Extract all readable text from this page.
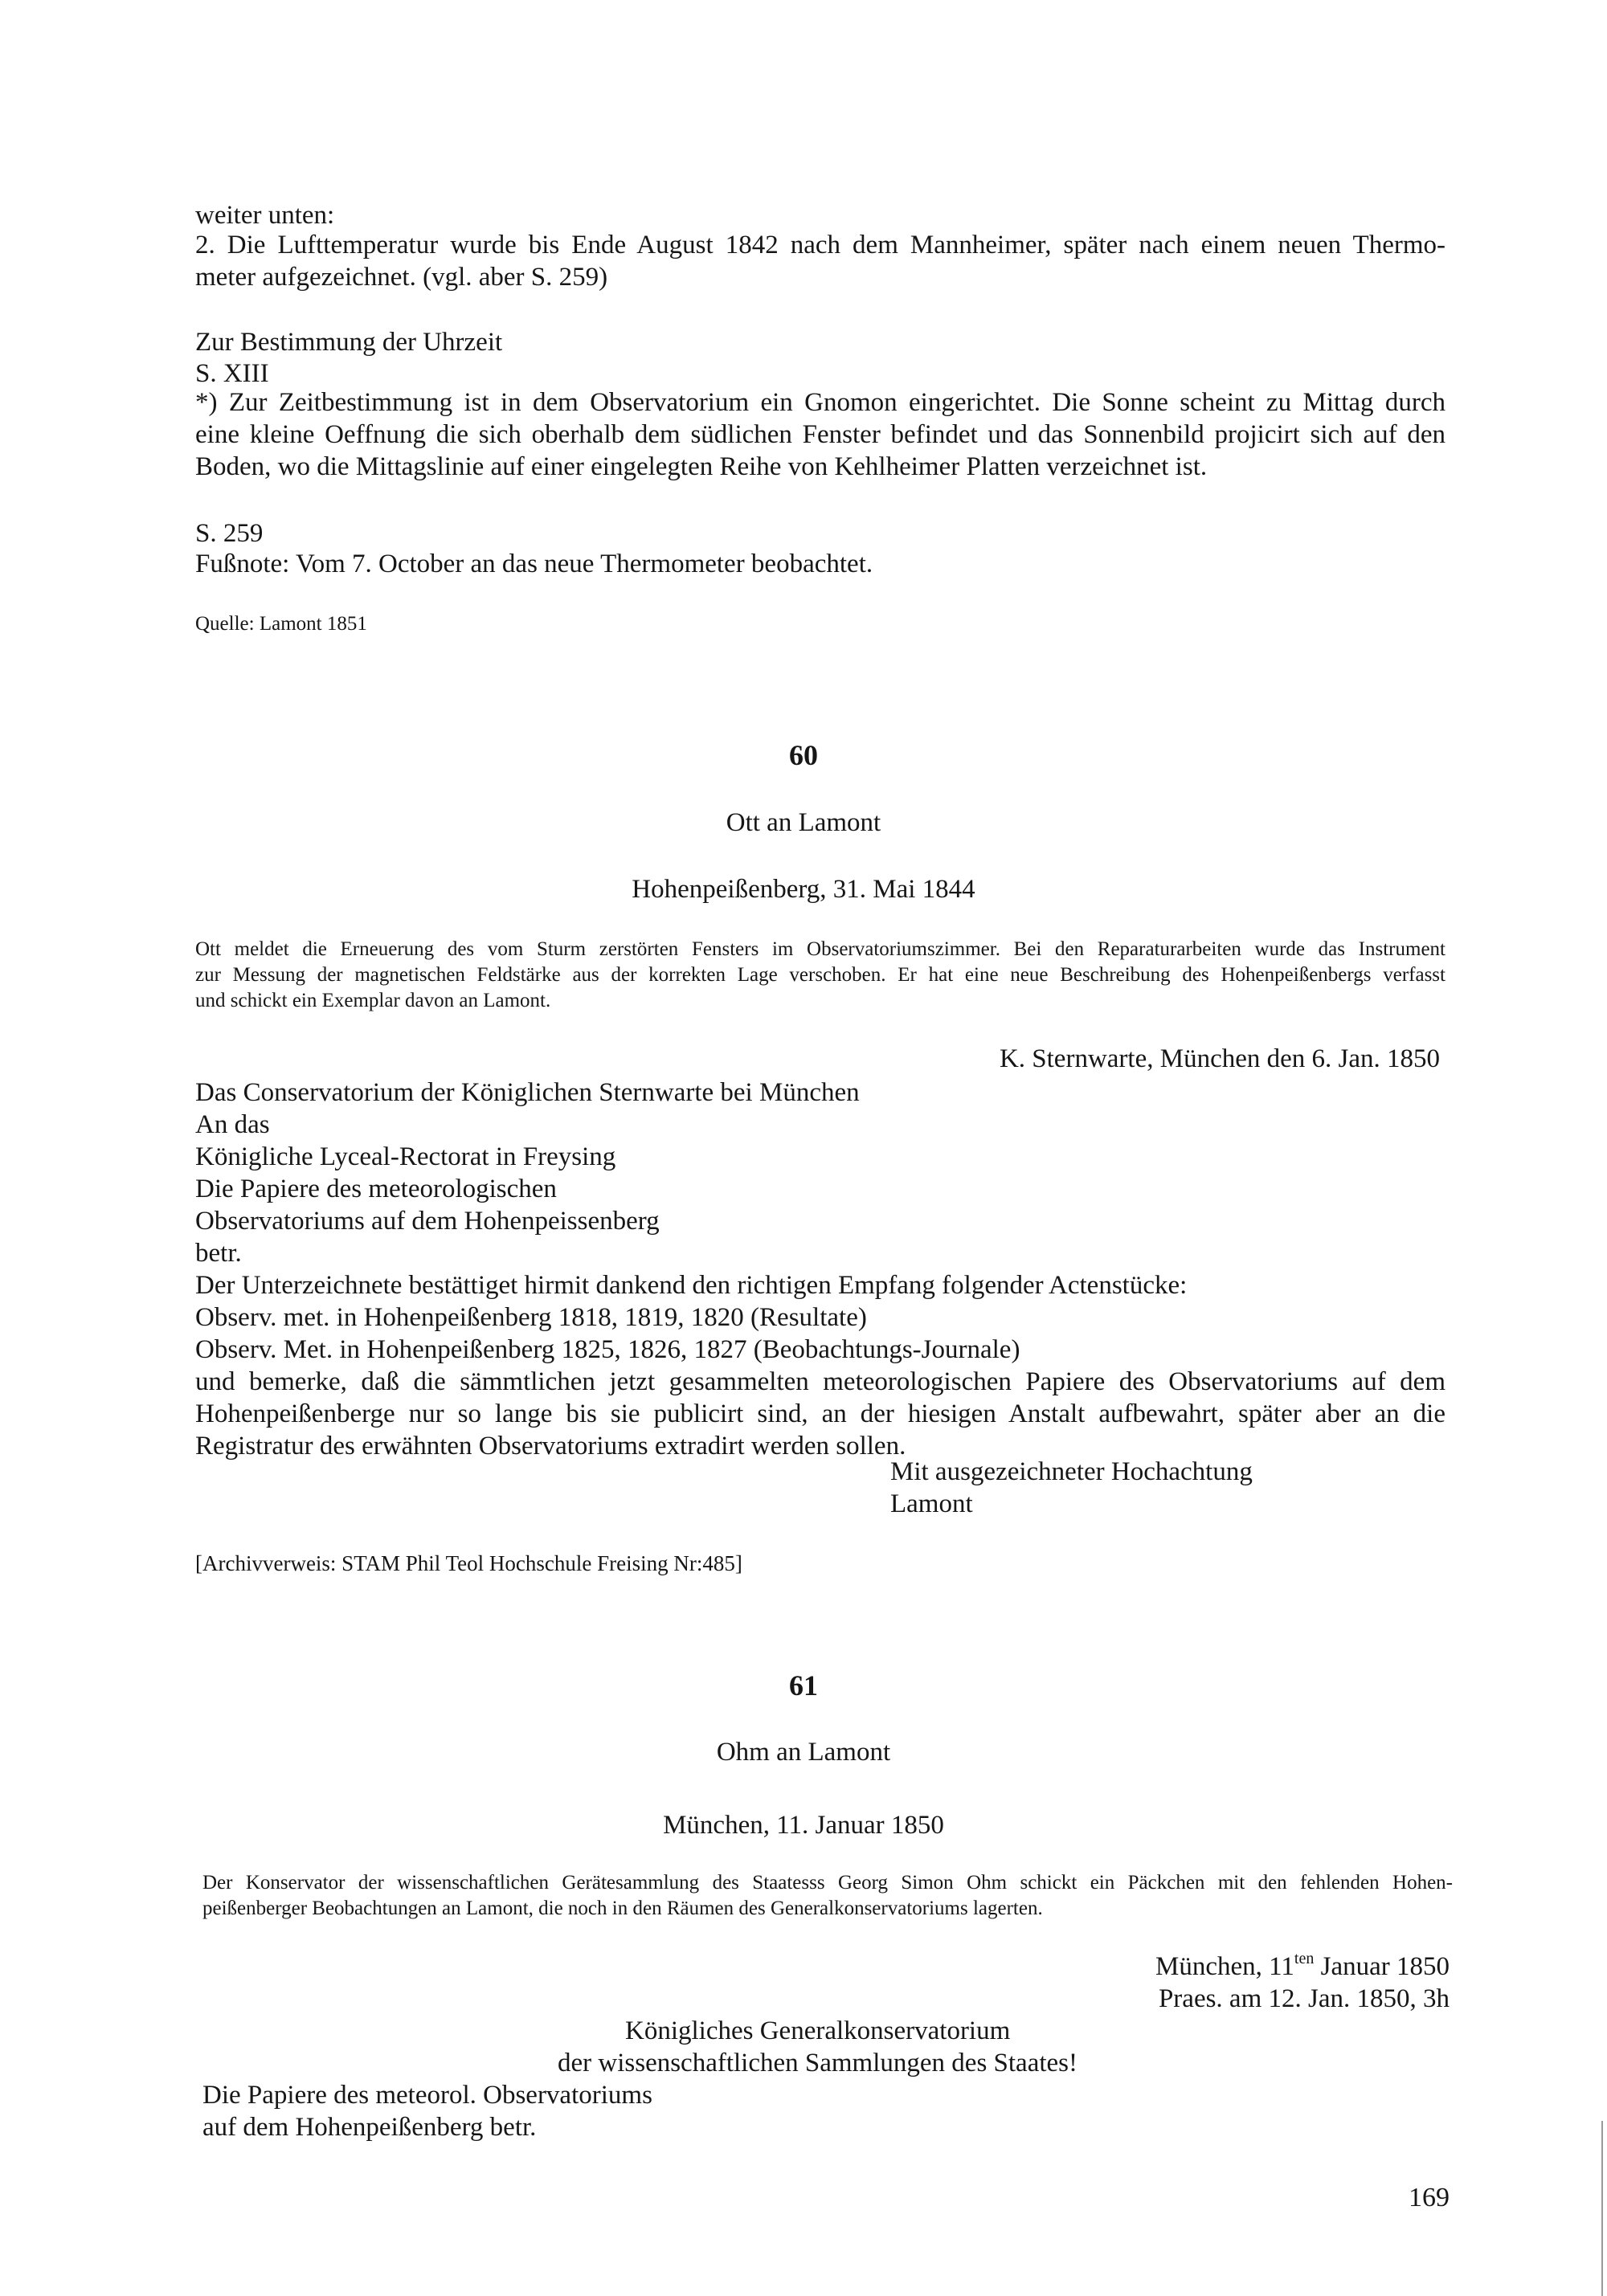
weiter unten:

2. Die Lufttemperatur wurde bis Ende August 1842 nach dem Mannheimer, später nach einem neuen Thermo-

meter aufgezeichnet. (vgl. aber S. 259)

Zur Bestimmung der Uhrzeit

S. XIII

*) Zur Zeitbestimmung ist in dem Observatorium ein Gnomon eingerichtet. Die Sonne scheint zu Mittag durch

eine kleine Oeffnung die sich oberhalb dem südlichen Fenster befindet und das Sonnenbild projicirt sich auf den

Boden, wo die Mittagslinie auf einer eingelegten Reihe von Kehlheimer Platten verzeichnet ist.

S. 259

Fußnote: Vom 7. October an das neue Thermometer beobachtet.

Quelle: Lamont 1851

60

Ott an Lamont

Hohenpeißenberg, 31. Mai 1844

Ott meldet die Erneuerung des vom Sturm zerstörten Fensters im Observatoriumszimmer. Bei den Reparaturarbeiten wurde das Instrument

zur Messung der magnetischen Feldstärke aus der korrekten Lage verschoben. Er hat eine neue Beschreibung des Hohenpeißenbergs verfasst

und schickt ein Exemplar davon an Lamont.

K. Sternwarte, München den 6. Jan. 1850

Das Conservatorium der Königlichen Sternwarte bei München

An das

Königliche Lyceal-Rectorat in Freysing

Die Papiere des meteorologischen

Observatoriums auf dem Hohenpeissenberg

betr.

Der Unterzeichnete bestättiget hirmit dankend den richtigen Empfang folgender Actenstücke:

Observ. met. in Hohenpeißenberg 1818, 1819, 1820 (Resultate)

Observ. Met. in Hohenpeißenberg 1825, 1826, 1827 (Beobachtungs-Journale)

und bemerke, daß die sämmtlichen jetzt gesammelten meteorologischen Papiere des Observatoriums auf dem

Hohenpeißenberge nur so lange bis sie publicirt sind, an der hiesigen Anstalt aufbewahrt, später aber an die

Registratur des erwähnten Observatoriums extradirt werden sollen.

Mit ausgezeichneter Hochachtung

Lamont

[Archivverweis: STAM Phil Teol Hochschule Freising Nr:485]

61

Ohm an Lamont

München, 11. Januar 1850

Der Konservator der wissenschaftlichen Gerätesammlung des Staatesss Georg Simon Ohm schickt ein Päckchen mit den fehlenden Hohen-

peißenberger Beobachtungen an Lamont, die noch in den Räumen des Generalkonservatoriums lagerten.

München, $11^{ten}$ Januar 1850

Praes. am 12. Jan. 1850, 3h

Königliches Generalkonservatorium

der wissenschaftlichen Sammlungen des Staates!

Die Papiere des meteorol. Observatoriums

auf dem Hohenpeißenberg betr.

169
